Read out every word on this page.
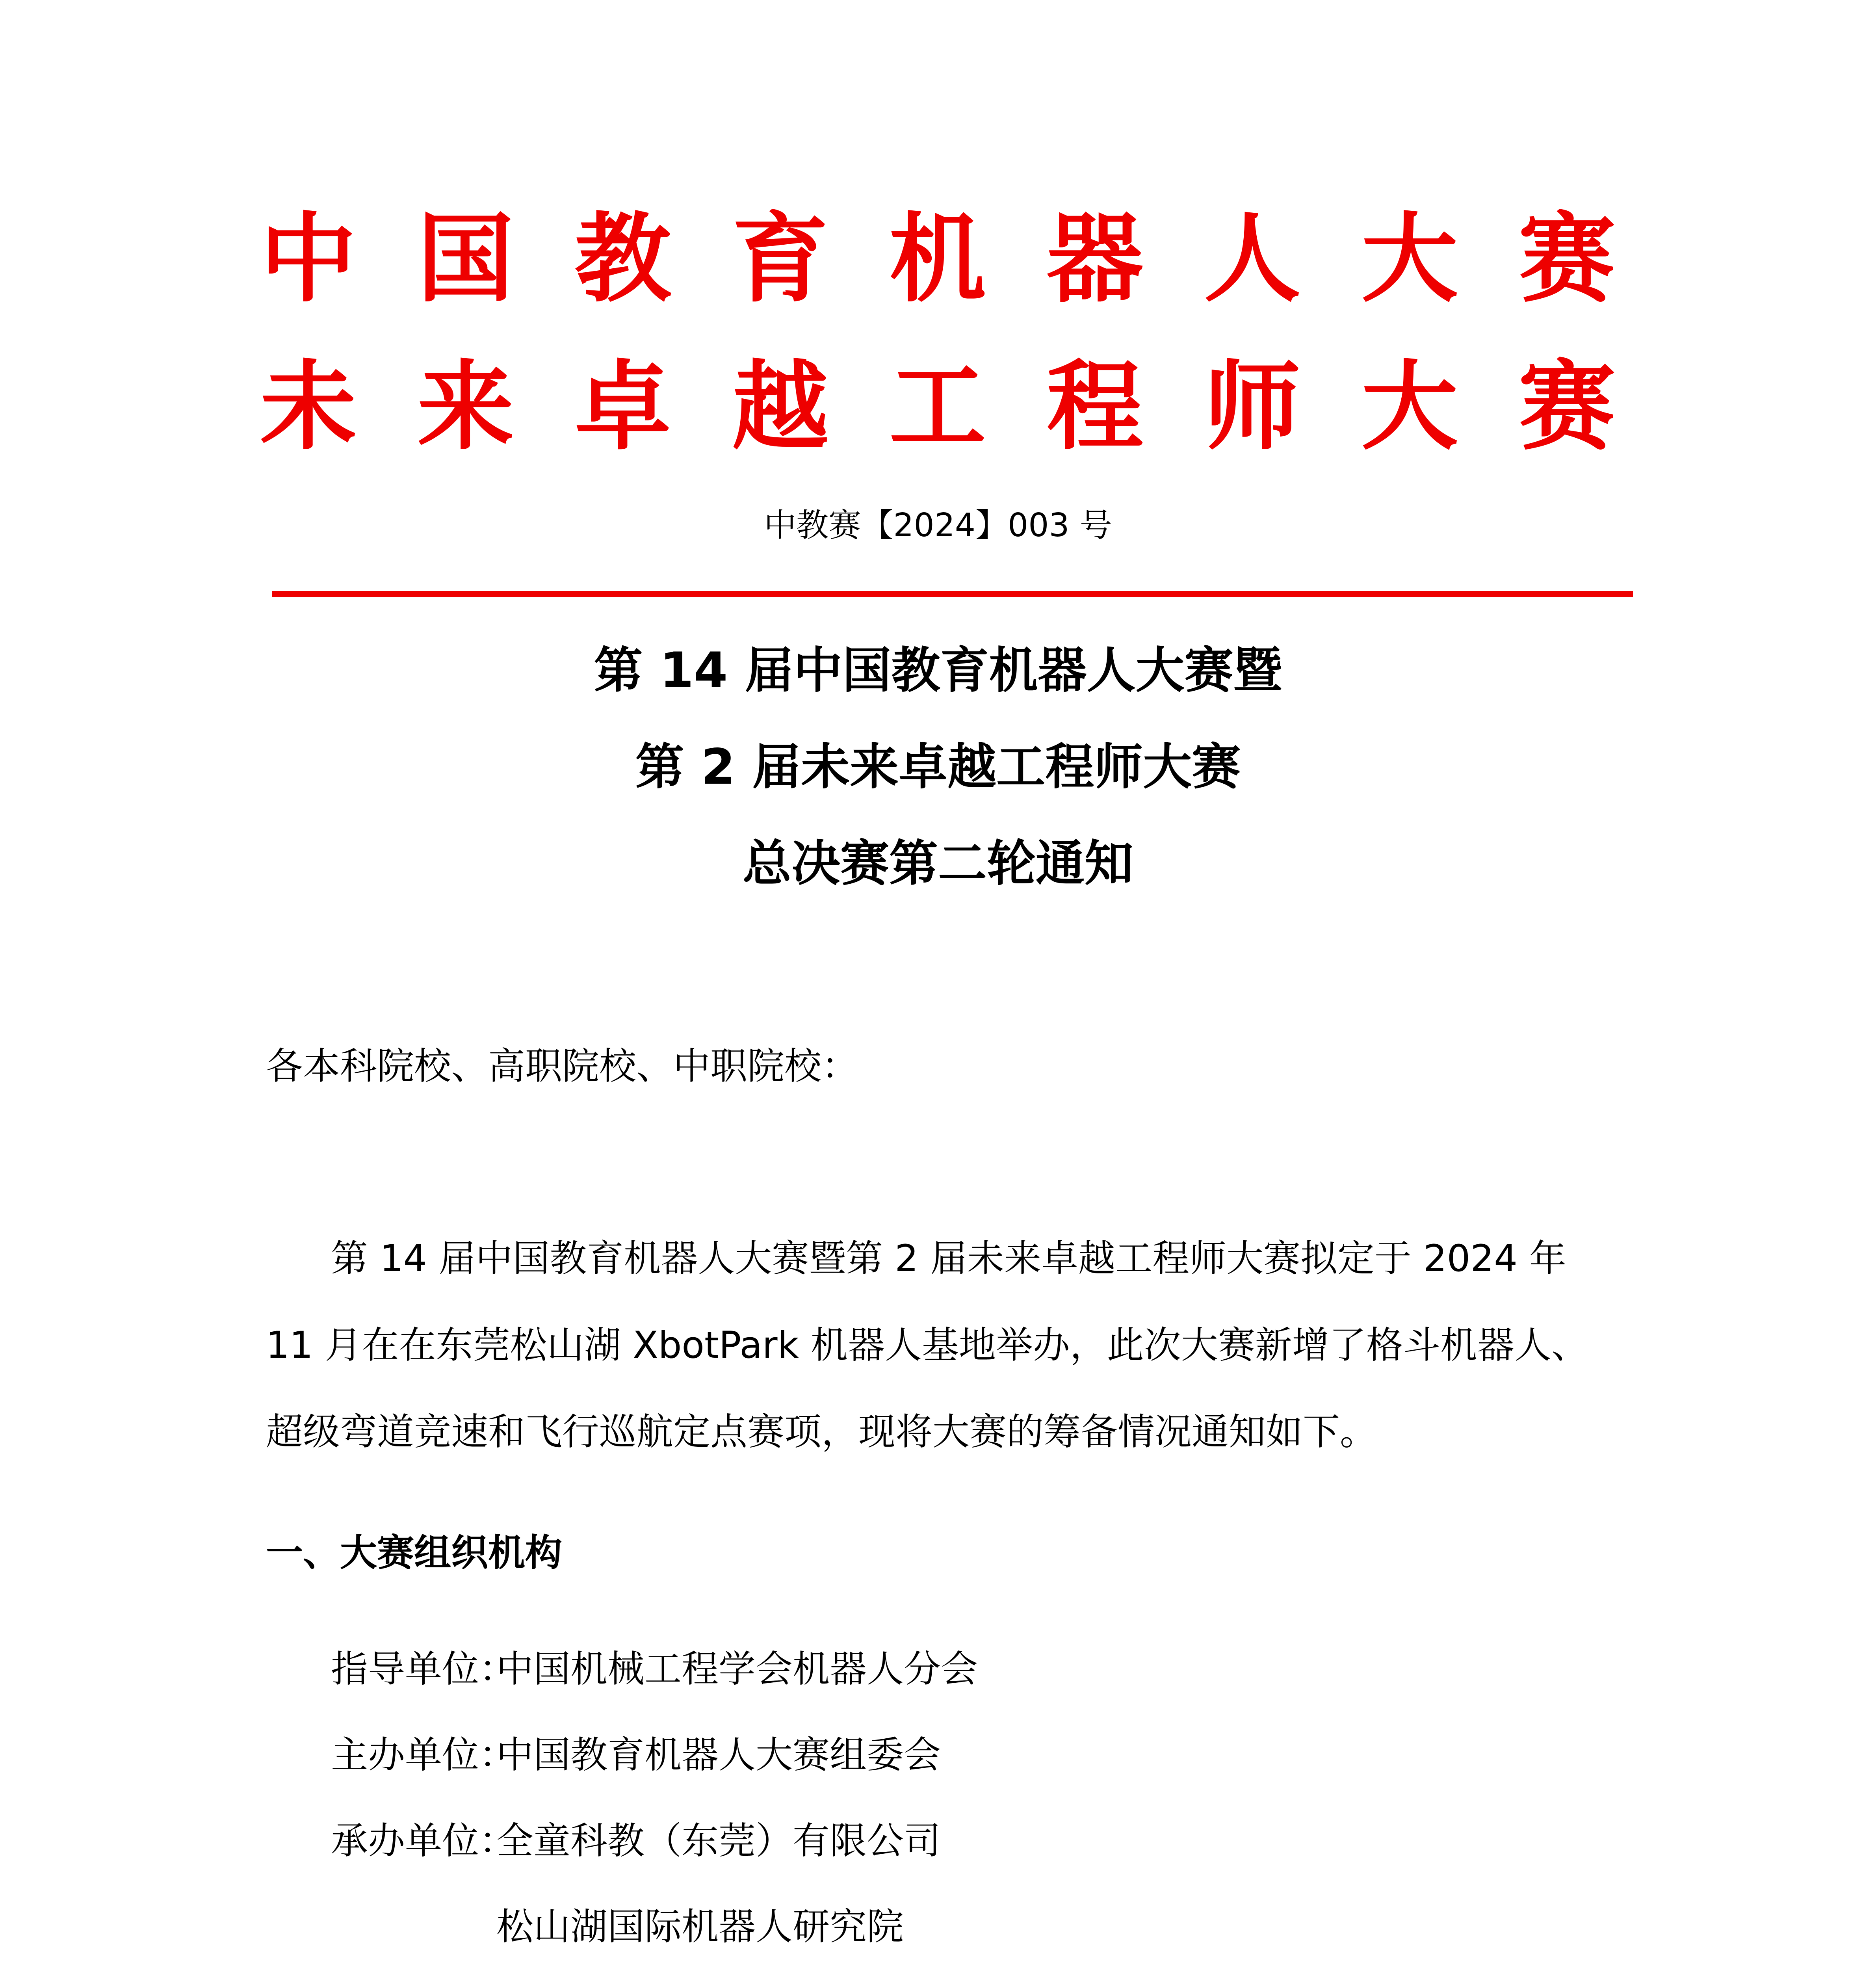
中 国 教 育 机 器 人 大 赛
未 来 卓 越 工 程 师 大 赛
中教赛【2024】003 号
第 14 届中国教育机器人大赛暨
第 2 届未来卓越工程师大赛
总决赛第二轮通知
各本科院校、高职院校、中职院校：
第 14 届中国教育机器人大赛暨第 2 届未来卓越工程师大赛拟定于 2024 年 11 月在在东莞松山湖 XbotPark 机器人基地举办，此次大赛新增了格斗机器人、超级弯道竞速和飞行巡航定点赛项，现将大赛的筹备情况通知如下。
一、大赛组织机构
指导单位：
中国机械工程学会机器人分会
主办单位：
中国教育机器人大赛组委会
承办单位：
全童科教（东莞）有限公司
松山湖国际机器人研究院
